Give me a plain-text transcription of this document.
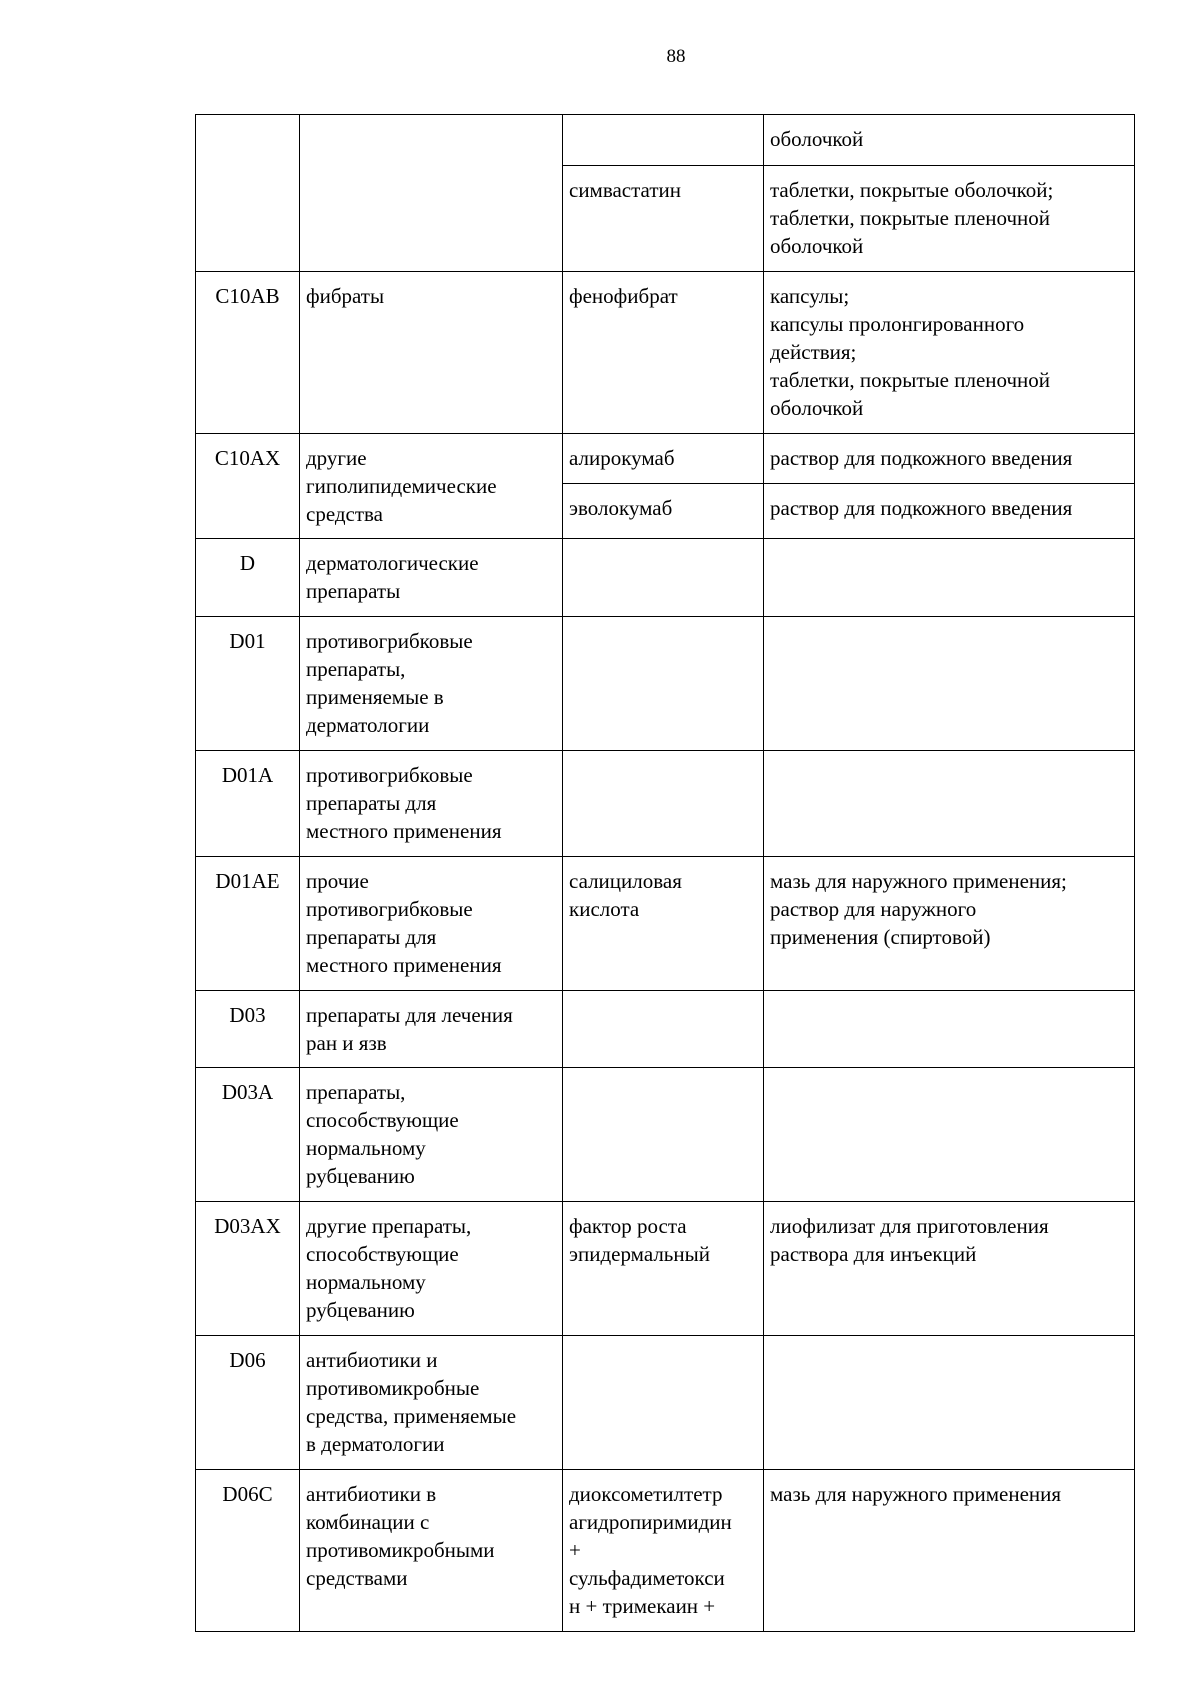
88

			оболочкой

		симвастатин	таблетки, покрытые оболочкой;
таблетки, покрытые пленочной
оболочкой

C10AB	фибраты	фенофибрат	капсулы;
капсулы пролонгированного
действия;
таблетки, покрытые пленочной
оболочкой

C10AX	другие
гиполипидемические
средства	алирокумаб	раствор для подкожного введения

		эволокумаб	раствор для подкожного введения

D	дерматологические
препараты		

D01	противогрибковые
препараты,
применяемые в
дерматологии		

D01A	противогрибковые
препараты для
местного применения		

D01AE	прочие
противогрибковые
препараты для
местного применения	салициловая
кислота	мазь для наружного применения;
раствор для наружного
применения (спиртовой)

D03	препараты для лечения
ран и язв		

D03A	препараты,
способствующие
нормальному
рубцеванию		

D03AX	другие препараты,
способствующие
нормальному
рубцеванию	фактор роста
эпидермальный	лиофилизат для приготовления
раствора для инъекций

D06	антибиотики и
противомикробные
средства, применяемые
в дерматологии		

D06C	антибиотики в
комбинации с
противомикробными
средствами	диоксометилтетр
агидропиримидин
+
сульфадиметокси
н + тримекаин +	мазь для наружного применения
